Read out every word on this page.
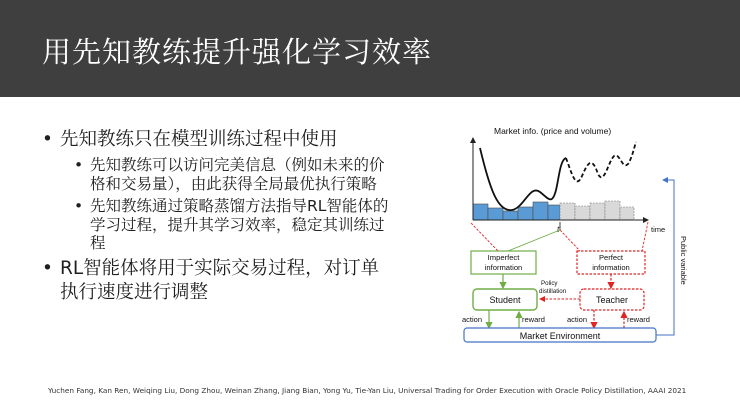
用先知教练提升强化学习效率
• 先知教练只在模型训练过程中使用
• 先知教练可以访问完美信息（例如未来的价格和交易量），由此获得全局最优执行策略
• 先知教练通过策略蒸馏方法指导RL智能体的学习过程，提升其学习效率，稳定其训练过程
• RL智能体将用于实际交易过程，对订单执行速度进行调整
Market info. (price and volume)
t	time
Imperfect
information
Perfect
information
Student	Teacher
Policy
distillation
action	reward	action	reward
Market Environment
Public variable
Yuchen Fang, Kan Ren, Weiqing Liu, Dong Zhou, Weinan Zhang, Jiang Bian, Yong Yu, Tie-Yan Liu, Universal Trading for Order Execution with Oracle Policy Distillation, AAAI 2021
